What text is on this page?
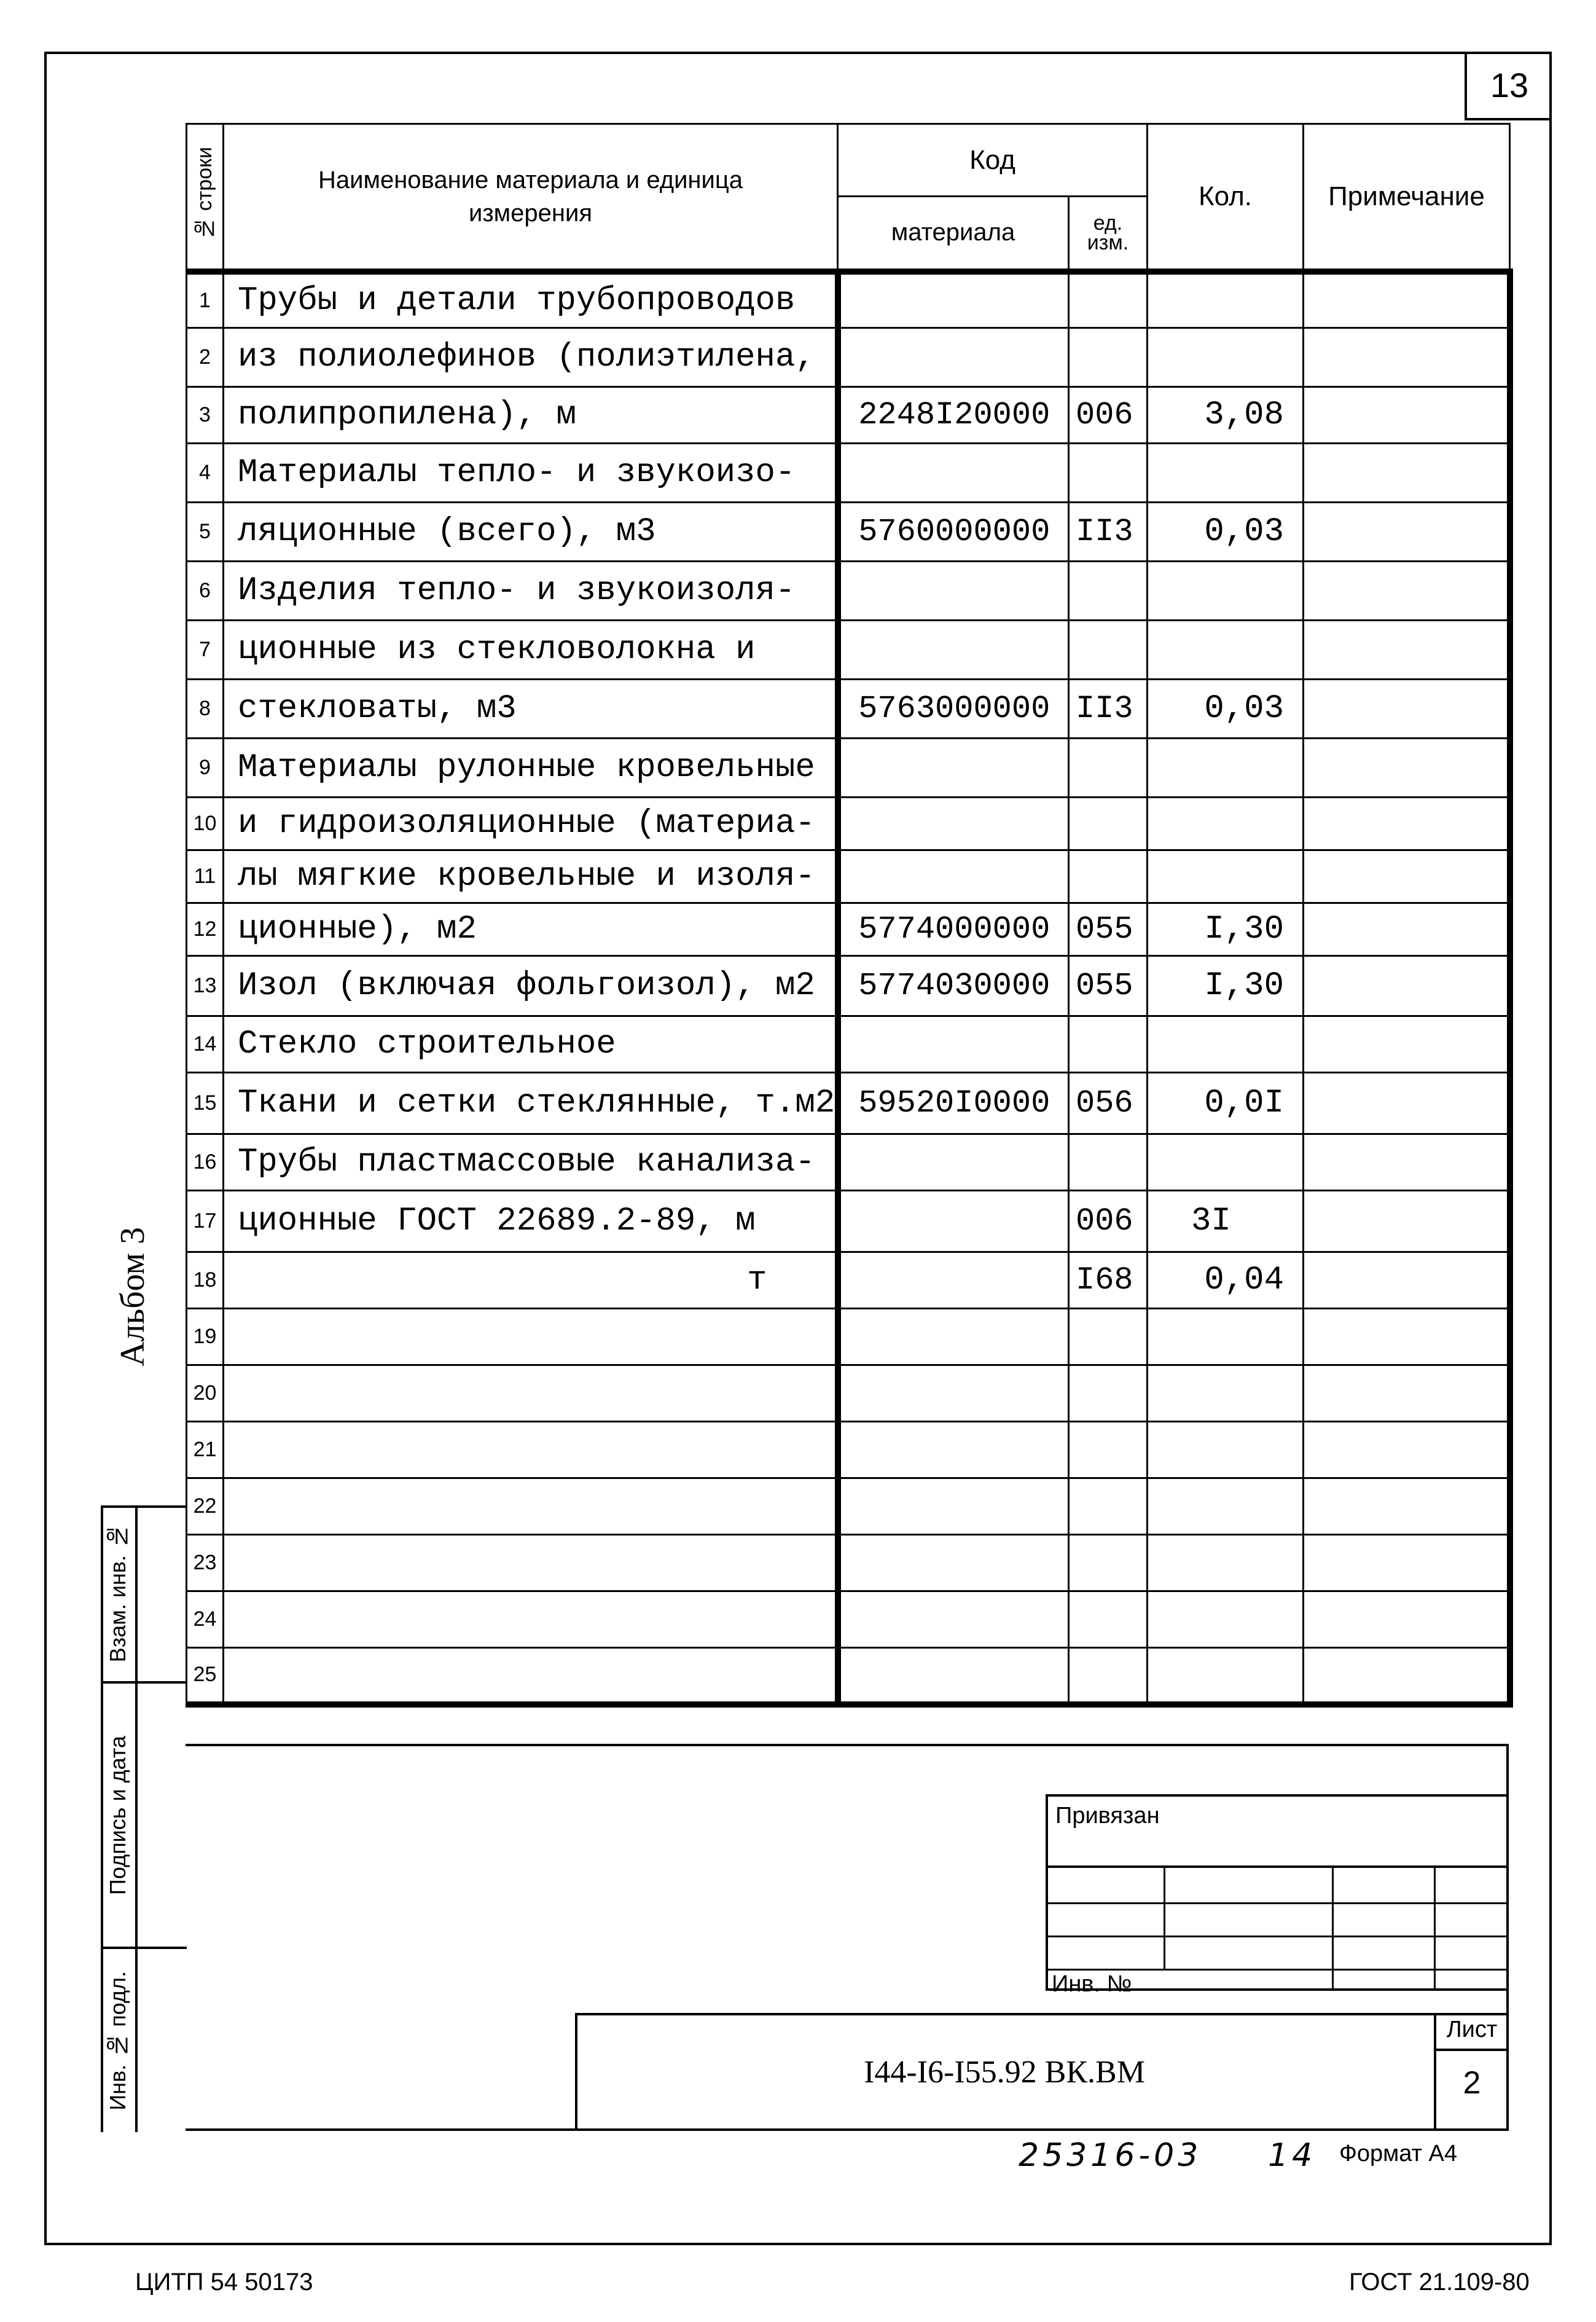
13
Взам. инв. №
Подпись и дата
Инв. № подл.
Альбом 3
№ строки	Наименование материала и единица измерения	Код		Кол.	Примечание
		материала	ед. изм.		
1	Трубы и детали трубопроводов				
2	из полиолефинов (полиэтилена,				
3	полипропилена), м	2248I20000	006	3,08	
4	Материалы тепло- и звукоизо-				
5	ляционные (всего), м3	5760000000	II3	0,03	
6	Изделия тепло- и звукоизоля-				
7	ционные из стекловолокна и				
8	стекловаты, м3	5763000000	II3	0,03	
9	Материалы рулонные кровельные				
10	и гидроизоляционные (материа-				
11	лы мягкие кровельные и изоля-				
12	ционные), м2	5774000000	055	I,30	
13	Изол (включая фольгоизол), м2	5774030000	055	I,30	
14	Стекло строительное				
15	Ткани и сетки стеклянные, т.м2	59520I0000	056	0,0I	
16	Трубы пластмассовые канализа-				
17	ционные ГОСТ 22689.2-89, м		006	3I	
18	т		I68	0,04	
19					
20					
21					
22					
23					
24					
25					
Привязан
Инв. №
I44-I6-I55.92 ВК.ВМ
Лист
2
25316-03 14 Формат А4
ЦИТП 54 50173	ГОСТ 21.109-80
